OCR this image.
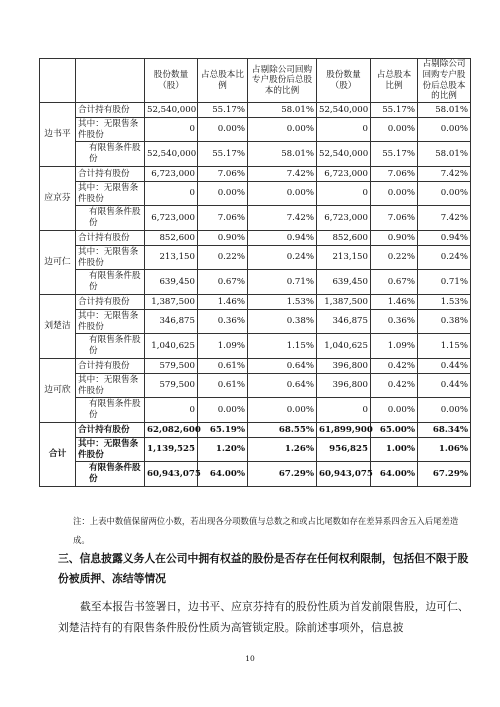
		股份数量（股）	占总股本比例	占剔除公司回购专户股份后总股本的比例	股份数量（股）	占总股本比例	占剔除公司回购专户股份后总股本的比例
边书平	合计持有股份	52,540,000	55.17%	58.01%	52,540,000	55.17%	58.01%
	其中：无限售条件股份	0	0.00%	0.00%	0	0.00%	0.00%
	有限售条件股份	52,540,000	55.17%	58.01%	52,540,000	55.17%	58.01%
应京芬	合计持有股份	6,723,000	7.06%	7.42%	6,723,000	7.06%	7.42%
	其中：无限售条件股份	0	0.00%	0.00%	0	0.00%	0.00%
	有限售条件股份	6,723,000	7.06%	7.42%	6,723,000	7.06%	7.42%
边可仁	合计持有股份	852,600	0.90%	0.94%	852,600	0.90%	0.94%
	其中：无限售条件股份	213,150	0.22%	0.24%	213,150	0.22%	0.24%
	有限售条件股份	639,450	0.67%	0.71%	639,450	0.67%	0.71%
刘楚洁	合计持有股份	1,387,500	1.46%	1.53%	1,387,500	1.46%	1.53%
	其中：无限售条件股份	346,875	0.36%	0.38%	346,875	0.36%	0.38%
	有限售条件股份	1,040,625	1.09%	1.15%	1,040,625	1.09%	1.15%
边可欣	合计持有股份	579,500	0.61%	0.64%	396,800	0.42%	0.44%
	其中：无限售条件股份	579,500	0.61%	0.64%	396,800	0.42%	0.44%
	有限售条件股份	0	0.00%	0.00%	0	0.00%	0.00%
合计	合计持有股份	62,082,600	65.19%	68.55%	61,899,900	65.00%	68.34%
	其中：无限售条件股份	1,139,525	1.20%	1.26%	956,825	1.00%	1.06%
	有限售条件股份	60,943,075	64.00%	67.29%	60,943,075	64.00%	67.29%
注：上表中数值保留两位小数，若出现各分项数值与总数之和或占比尾数如存在差异系四舍五入后尾差造成。
三、信息披露义务人在公司中拥有权益的股份是否存在任何权利限制，包括但不限于股份被质押、冻结等情况
截至本报告书签署日，边书平、应京芬持有的股份性质为首发前限售股，边可仁、刘楚洁持有的有限售条件股份性质为高管锁定股。除前述事项外，信息披
10
